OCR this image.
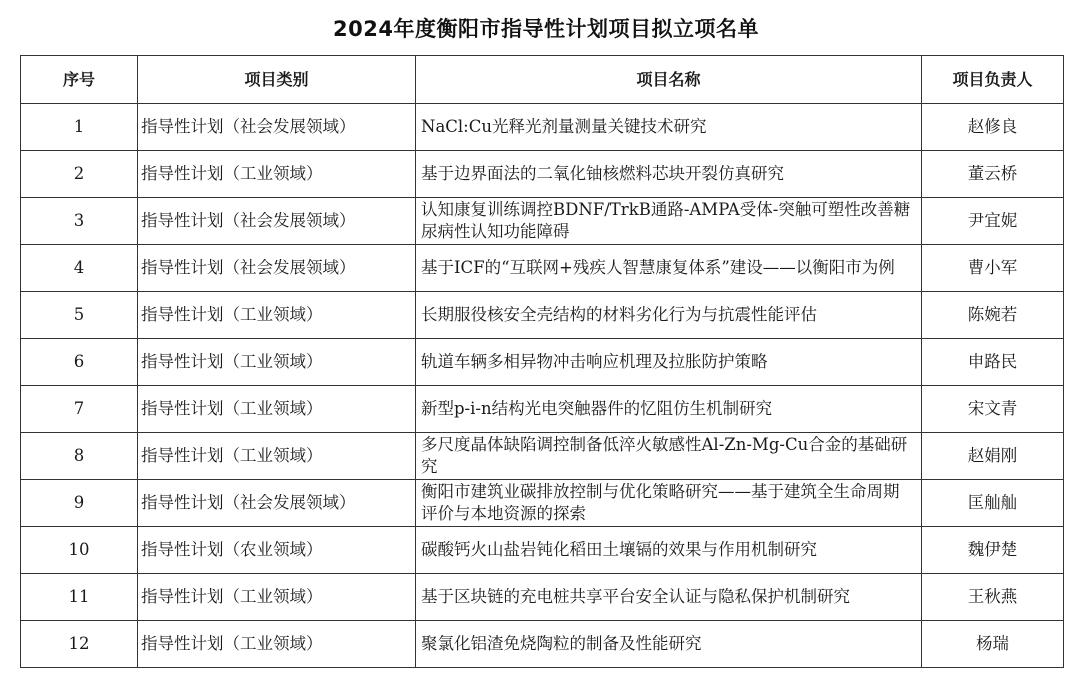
2024年度衡阳市指导性计划项目拟立项名单
序号	项目类别	项目名称	项目负责人
1	指导性计划（社会发展领域）	NaCl:Cu光释光剂量测量关键技术研究	赵修良
2	指导性计划（工业领域）	基于边界面法的二氧化铀核燃料芯块开裂仿真研究	董云桥
3	指导性计划（社会发展领域）	认知康复训练调控BDNF/TrkB通路-AMPA受体-突触可塑性改善糖尿病性认知功能障碍	尹宜妮
4	指导性计划（社会发展领域）	基于ICF的“互联网+残疾人智慧康复体系”建设——以衡阳市为例	曹小军
5	指导性计划（工业领域）	长期服役核安全壳结构的材料劣化行为与抗震性能评估	陈婉若
6	指导性计划（工业领域）	轨道车辆多相异物冲击响应机理及拉胀防护策略	申路民
7	指导性计划（工业领域）	新型p-i-n结构光电突触器件的忆阻仿生机制研究	宋文青
8	指导性计划（工业领域）	多尺度晶体缺陷调控制备低淬火敏感性Al-Zn-Mg-Cu合金的基础研究	赵娟刚
9	指导性计划（社会发展领域）	衡阳市建筑业碳排放控制与优化策略研究——基于建筑全生命周期评价与本地资源的探索	匡舢舢
10	指导性计划（农业领域）	碳酸钙火山盐岩钝化稻田土壤镉的效果与作用机制研究	魏伊楚
11	指导性计划（工业领域）	基于区块链的充电桩共享平台安全认证与隐私保护机制研究	王秋燕
12	指导性计划（工业领域）	聚氯化铝渣免烧陶粒的制备及性能研究	杨瑞
